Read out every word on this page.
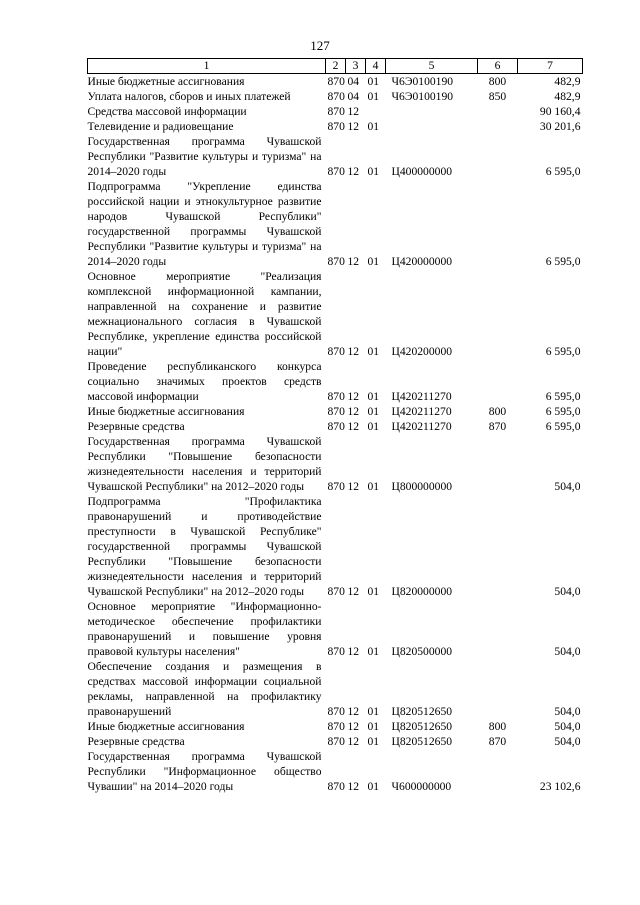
127
1	2	3	4	5	6	7
Иные бюджетные ассигнования	870	04	01	Ч6Э0100190	800	482,9
Уплата налогов, сборов и иных платежей	870	04	01	Ч6Э0100190	850	482,9
Средства массовой информации	870	12				90 160,4
Телевидение и радиовещание	870	12	01			30 201,6
Государственная программа Чувашской Республики "Развитие культуры и туризма" на 2014–2020 годы	870	12	01	Ц400000000		6 595,0
Подпрограмма "Укрепление единства российской нации и этнокультурное развитие народов Чувашской Республики" государственной программы Чувашской Республики "Развитие культуры и туризма" на 2014–2020 годы	870	12	01	Ц420000000		6 595,0
Основное мероприятие "Реализация комплексной информационной кампании, направленной на сохранение и развитие межнационального согласия в Чувашской Республике, укрепление единства российской нации"	870	12	01	Ц420200000		6 595,0
Проведение республиканского конкурса социально значимых проектов средств массовой информации	870	12	01	Ц420211270		6 595,0
Иные бюджетные ассигнования	870	12	01	Ц420211270	800	6 595,0
Резервные средства	870	12	01	Ц420211270	870	6 595,0
Государственная программа Чувашской Республики "Повышение безопасности жизнедеятельности населения и территорий Чувашской Республики" на 2012–2020 годы	870	12	01	Ц800000000		504,0
Подпрограмма "Профилактика правонарушений и противодействие преступности в Чувашской Республике" государственной программы Чувашской Республики "Повышение безопасности жизнедеятельности населения и территорий Чувашской Республики" на 2012–2020 годы	870	12	01	Ц820000000		504,0
Основное мероприятие "Информационно-методическое обеспечение профилактики правонарушений и повышение уровня правовой культуры населения"	870	12	01	Ц820500000		504,0
Обеспечение создания и размещения в средствах массовой информации социальной рекламы, направленной на профилактику правонарушений	870	12	01	Ц820512650		504,0
Иные бюджетные ассигнования	870	12	01	Ц820512650	800	504,0
Резервные средства	870	12	01	Ц820512650	870	504,0
Государственная программа Чувашской Республики "Информационное общество Чувашии" на 2014–2020 годы	870	12	01	Ч600000000		23 102,6
